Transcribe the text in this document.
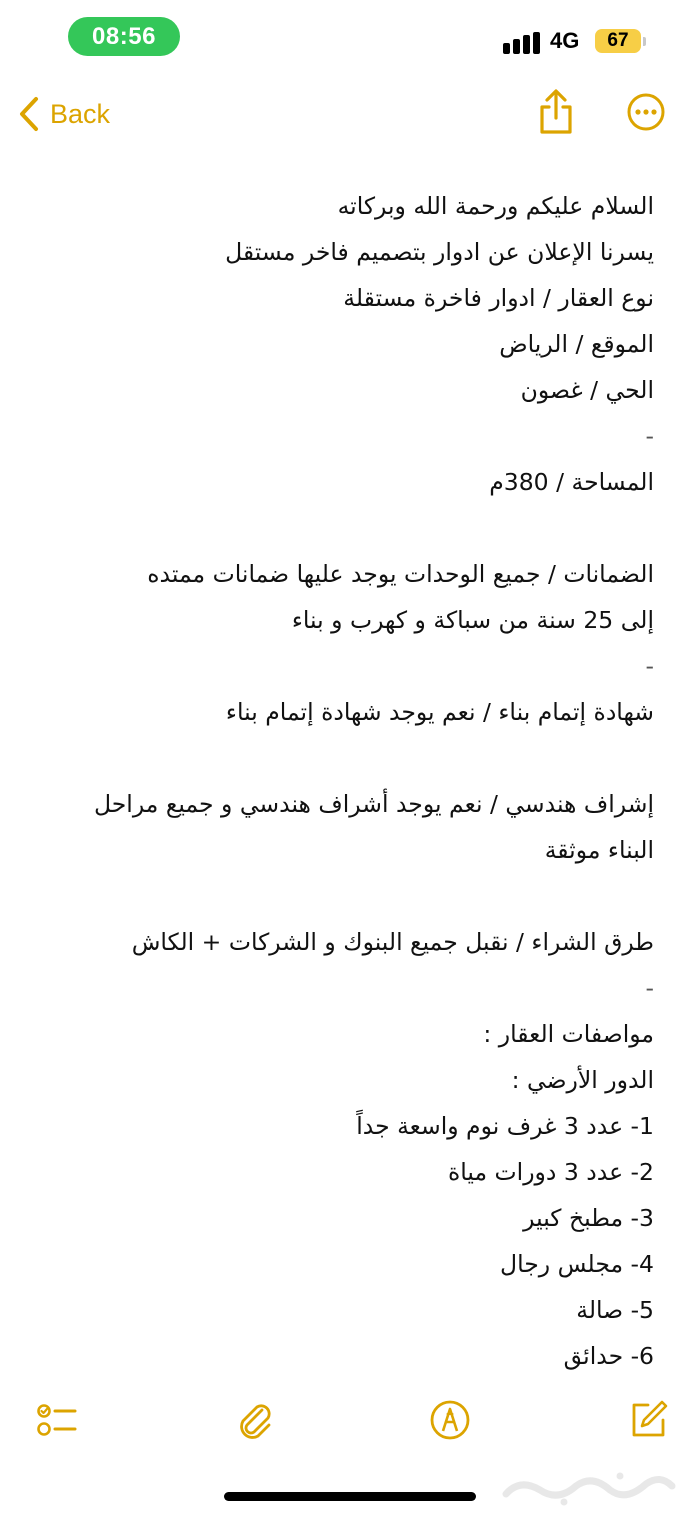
08:56	4G	67
Back
السلام عليكم ورحمة الله وبركاته
يسرنا الإعلان عن ادوار بتصميم فاخر مستقل
نوع العقار / ادوار فاخرة مستقلة
الموقع / الرياض
الحي / غصون
-
المساحة / 380م
الضمانات / جميع الوحدات يوجد عليها ضمانات ممتده
إلى 25 سنة من سباكة و كهرب و بناء
-
شهادة إتمام بناء / نعم يوجد شهادة إتمام بناء
إشراف هندسي / نعم يوجد أشراف هندسي و جميع مراحل
البناء موثقة
طرق الشراء / نقبل جميع البنوك و الشركات + الكاش
-
مواصفات العقار :
الدور الأرضي :
1- عدد 3 غرف نوم واسعة جداً
2- عدد 3 دورات مياة
3- مطبخ كبير
4- مجلس رجال
5- صالة
6- حدائق
